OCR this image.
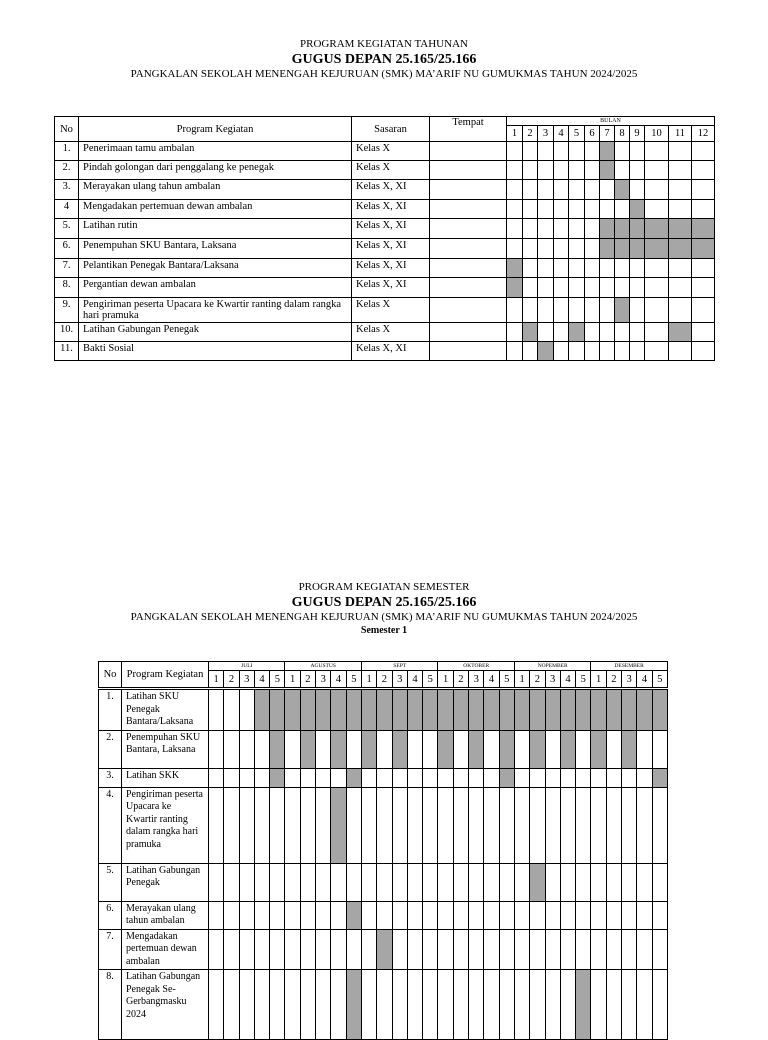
PROGRAM KEGIATAN TAHUNAN
GUGUS DEPAN 25.165/25.166
PANGKALAN SEKOLAH MENENGAH KEJURUAN (SMK) MA’ARIF NU GUMUKMAS TAHUN 2024/2025
No	Program Kegiatan	Sasaran	Tempat	BULAN											
				1	2	3	4	5	6	7	8	9	10	11	12
1.	Penerimaan tamu ambalan	Kelas X													
2.	Pindah golongan dari penggalang ke penegak	Kelas X													
3.	Merayakan ulang tahun ambalan	Kelas X, XI													
4	Mengadakan pertemuan dewan ambalan	Kelas X, XI													
5.	Latihan rutin	Kelas X, XI													
6.	Penempuhan SKU Bantara, Laksana	Kelas X, XI													
7.	Pelantikan Penegak Bantara/Laksana	Kelas X, XI													
8.	Pergantian dewan ambalan	Kelas X, XI													
9.	Pengiriman peserta Upacara ke Kwartir ranting dalam rangka hari pramuka	Kelas X													
10.	Latihan Gabungan Penegak	Kelas X													
11.	Bakti Sosial	Kelas X, XI													
PROGRAM KEGIATAN SEMESTER
GUGUS DEPAN 25.165/25.166
PANGKALAN SEKOLAH MENENGAH KEJURUAN (SMK) MA’ARIF NU GUMUKMAS TAHUN 2024/2025
Semester 1
No	Program Kegiatan	JULI					AGUSTUS					SEPT					OKTOBER					NOPEMBER					DESEMBER				
		1	2	3	4	5	1	2	3	4	5	1	2	3	4	5	1	2	3	4	5	1	2	3	4	5	1	2	3	4	5
1.	Latihan SKU Penegak Bantara/Laksana																														
2.	Penempuhan SKU Bantara, Laksana																														
3.	Latihan SKK																														
4.	Pengiriman peserta Upacara ke Kwartir ranting dalam rangka hari pramuka																														
5.	Latihan Gabungan Penegak																														
6.	Merayakan ulang tahun ambalan																														
7.	Mengadakan pertemuan dewan ambalan																														
8.	Latihan Gabungan Penegak Se-Gerbangmasku 2024																														
